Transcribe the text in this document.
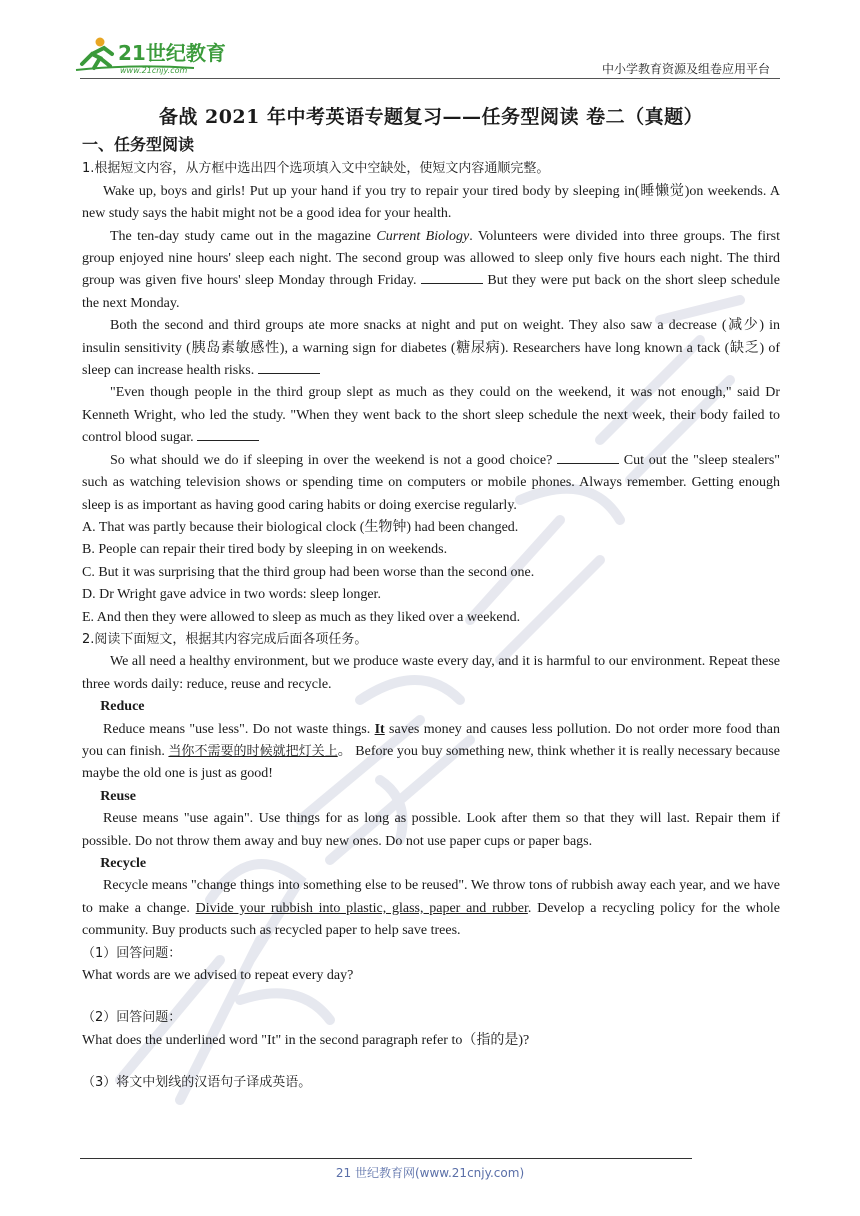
21世纪教育
www.21cnjy.com	中小学教育资源及组卷应用平台
备战 2021 年中考英语专题复习——任务型阅读 卷二（真题）
一、任务型阅读

1.根据短文内容，从方框中选出四个选项填入文中空缺处，使短文内容通顺完整。

Wake up, boys and girls! Put up your hand if you try to repair your tired body by sleeping in(睡懒觉)on weekends. A new study says the habit might not be a good idea for your health.

The ten-day study came out in the magazine Current Biology. Volunteers were divided into three groups. The first group enjoyed nine hours' sleep each night. The second group was allowed to sleep only five hours each night. The third group was given five hours' sleep Monday through Friday.	But they were put back on the short sleep schedule the next Monday.

Both the second and third groups ate more snacks at night and put on weight. They also saw a decrease (减少) in insulin sensitivity (胰岛素敏感性), a warning sign for diabetes (糖尿病). Researchers have long known a tack (缺乏) of sleep can increase health risks.

"Even though people in the third group slept as much as they could on the weekend, it was not enough," said Dr Kenneth Wright, who led the study. "When they went back to the short sleep schedule the next week, their body failed to control blood sugar.

So what should we do if sleeping in over the weekend is not a good choice?	Cut out the "sleep stealers" such as watching television shows or spending time on computers or mobile phones. Always remember. Getting enough sleep is as important as having good caring habits or doing exercise regularly.

A. That was partly because their biological clock (生物钟) had been changed.

B. People can repair their tired body by sleeping in on weekends.

C. But it was surprising that the third group had been worse than the second one.

D. Dr Wright gave advice in two words: sleep longer.

E. And then they were allowed to sleep as much as they liked over a weekend.

2.阅读下面短文，根据其内容完成后面各项任务。

We all need a healthy environment, but we produce waste every day, and it is harmful to our environment. Repeat these three words daily: reduce, reuse and recycle.

Reduce

Reduce means "use less". Do not waste things. It saves money and causes less pollution. Do not order more food than you can finish. 当你不需要的时候就把灯关上。 Before you buy something new, think whether it is really necessary because maybe the old one is just as good!

Reuse

Reuse means "use again". Use things for as long as possible. Look after them so that they will last. Repair them if possible. Do not throw them away and buy new ones. Do not use paper cups or paper bags.

Recycle

Recycle means "change things into something else to be reused". We throw tons of rubbish away each year, and we have to make a change. Divide your rubbish into plastic, glass, paper and rubber. Develop a recycling policy for the whole community. Buy products such as recycled paper to help save trees.

（1）回答问题：

What words are we advised to repeat every day?

（2）回答问题：

What does the underlined word "It" in the second paragraph refer to（指的是)?

（3）将文中划线的汉语句子译成英语。

21 世纪教育网(www.21cnjy.com)
